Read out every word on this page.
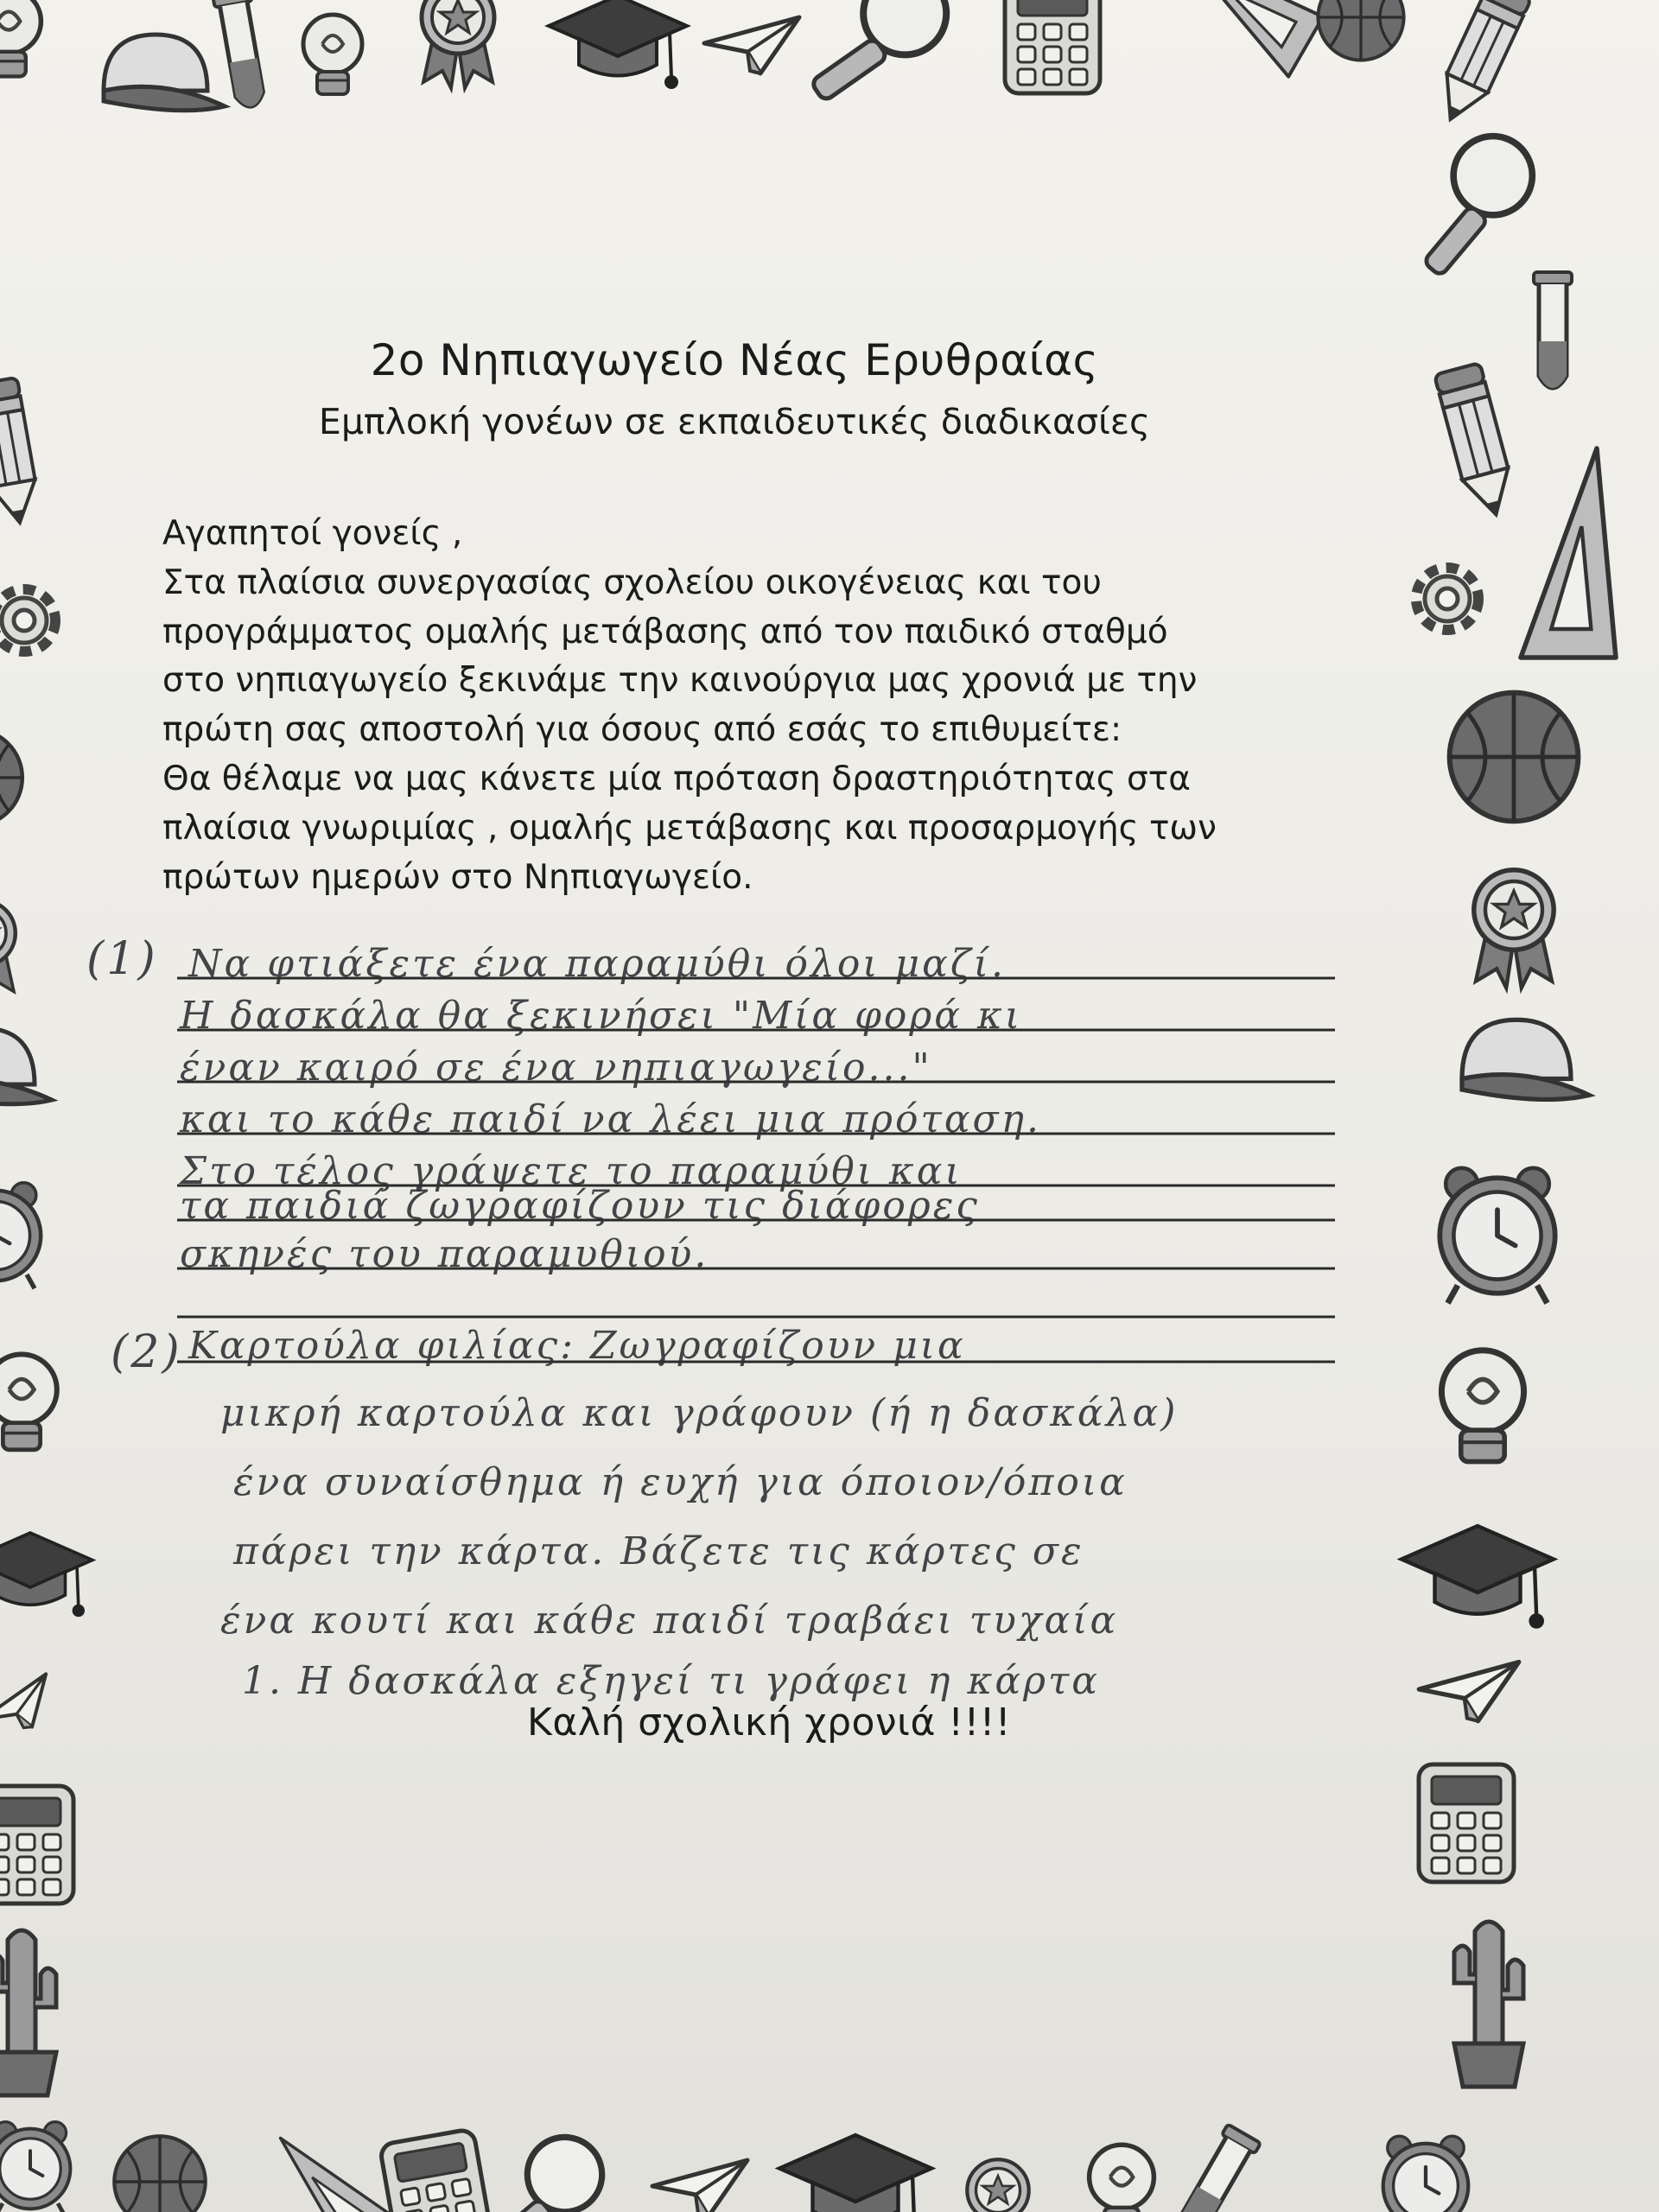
2ο Νηπιαγωγείο Νέας Ερυθραίας
Εμπλοκή γονέων σε εκπαιδευτικές διαδικασίες

Αγαπητοί γονείς ,

Στα πλαίσια συνεργασίας σχολείου οικογένειας και του

προγράμματος ομαλής μετάβασης από τον παιδικό σταθμό

στο νηπιαγωγείο ξεκινάμε την καινούργια μας χρονιά με την

πρώτη σας αποστολή για όσους από εσάς το επιθυμείτε:

Θα θέλαμε να μας κάνετε μία πρόταση δραστηριότητας στα

πλαίσια γνωριμίας , ομαλής μετάβασης και προσαρμογής των

πρώτων ημερών στο Νηπιαγωγείο.

(1) Να φτιάξετε ένα παραμύθι όλοι μαζί.
Η δασκάλα θα ξεκινήσει "Μία φορά κι
έναν καιρό σε ένα νηπιαγωγείο..."
και το κάθε παιδί να λέει μια πρόταση.
Στο τέλος γράψετε το παραμύθι και
τα παιδιά ζωγραφίζουν τις διάφορες
σκηνές του παραμυθιού.
(2) Καρτούλα φιλίας: Ζωγραφίζουν μια
μικρή καρτούλα και γράφουν (ή η δασκάλα)
ένα συναίσθημα ή ευχή για όποιον/όποια
πάρει την κάρτα. Βάζετε τις κάρτες σε
ένα κουτί και κάθε παιδί τραβάει τυχαία
1. Η δασκάλα εξηγεί τι γράφει η κάρτα
Καλή σχολική χρονιά !!!!
